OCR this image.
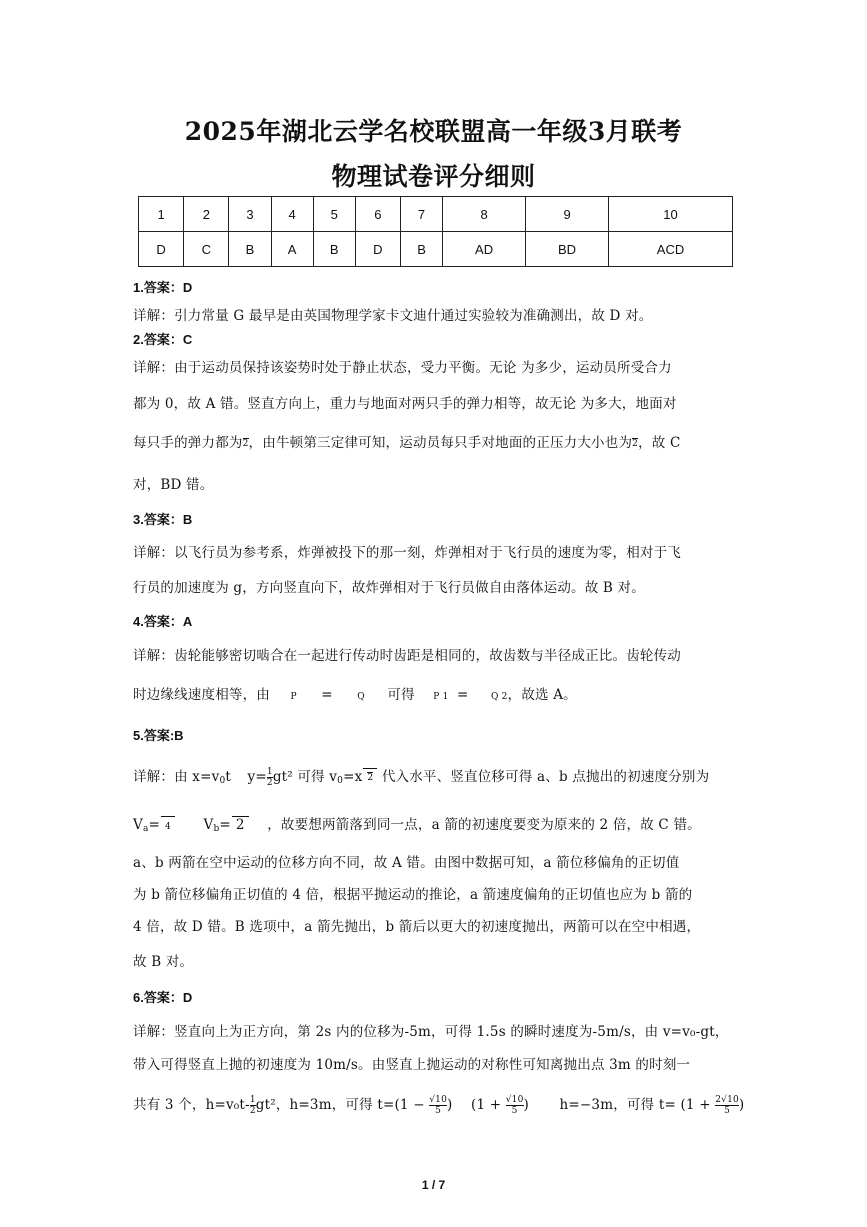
2025年湖北云学名校联盟高一年级3月联考
物理试卷评分细则
1	2	3	4	5	6	7	8	9	10
D	C	B	A	B	D	B	AD	BD	ACD
1.答案：D
详解：引力常量 G 最早是由英国物理学家卡文迪什通过实验较为准确测出，故 D 对。
2.答案：C
详解：由于运动员保持该姿势时处于静止状态，受力平衡。无论 为多少，运动员所受合力
都为 0，故 A 错。竖直方向上，重力与地面对两只手的弹力相等，故无论 为多大，地面对
每只手的弹力都为 2 ，由牛顿第三定律可知，运动员每只手对地面的正压力大小也为 2 ，故 C
对，BD 错。
3.答案：B
详解：以飞行员为参考系，炸弹被投下的那一刻，炸弹相对于飞行员的速度为零，相对于飞
行员的加速度为 g，方向竖直向下，故炸弹相对于飞行员做自由落体运动。故 B 对。
4.答案：A
详解：齿轮能够密切啮合在一起进行传动时齿距是相同的，故齿数与半径成正比。齿轮传动
时边缘线速度相等，由 P =	Q 可得 P 1 =	Q 2，故选 A。
5.答案:B
详解：由 $x=v_0t$ $y=\frac{1}{2} gt^2$ 可得 $v_0=x$ 2 代入水平、竖直位移可得 a、b 点抛出的初速度分别为
$V_a= 4$ $V_b= 2$ ，故要想两箭落到同一点，a 箭的初速度要变为原来的 2 倍，故 C 错。
a、b 两箭在空中运动的位移方向不同，故 A 错。由图中数据可知，a 箭位移偏角的正切值
为 b 箭位移偏角正切值的 4 倍，根据平抛运动的推论，a 箭速度偏角的正切值也应为 b 箭的
4 倍，故 D 错。B 选项中，a 箭先抛出，b 箭后以更大的初速度抛出，两箭可以在空中相遇，
故 B 对。
6.答案：D
详解：竖直向上为正方向，第 2s 内的位移为-5m，可得 1.5s 的瞬时速度为-5m/s，由 v=v₀-gt，
带入可得竖直上抛的初速度为 10m/s。由竖直上抛运动的对称性可知离抛出点 3m 的时刻一
共有 3 个，$h=v_0t-\frac{1}{2} gt^2$，h=3m，可得 $t=(1 - \frac{√10}{5}$ ) ($1 + \frac{√10}{5}$ ) h=−3m，可得 $t= (1 + \frac{2√10}{5}$ )
1 / 7
